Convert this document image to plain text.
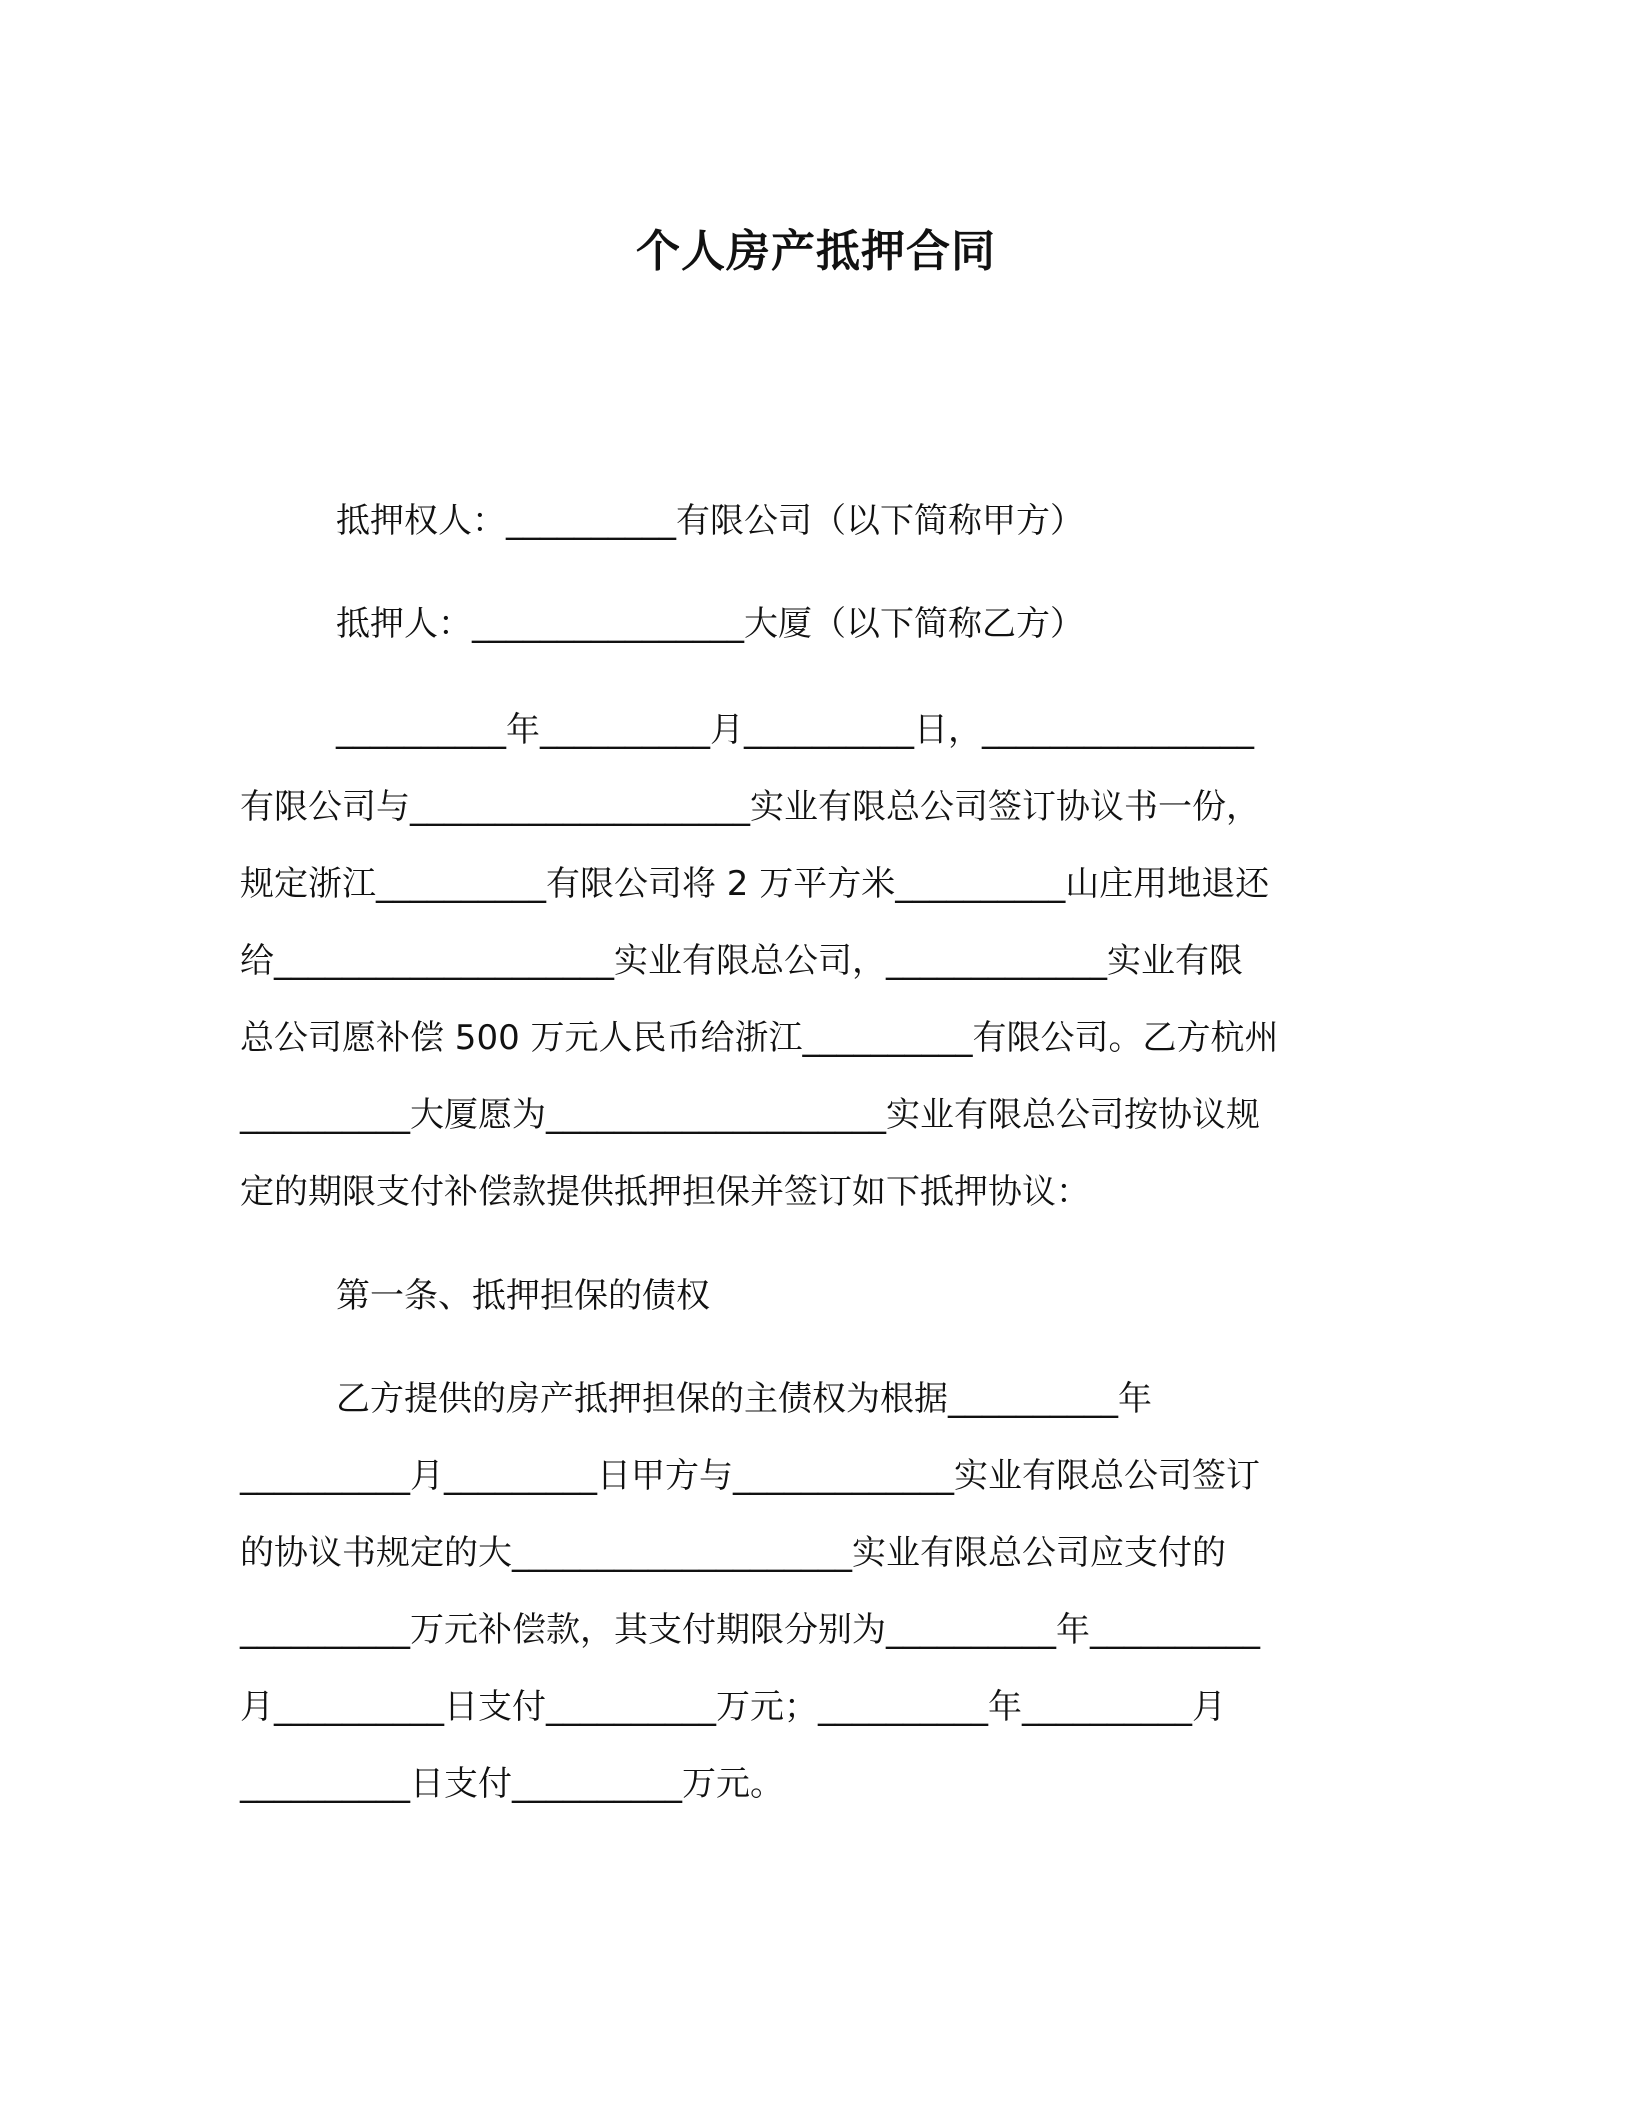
个人房产抵押合同
抵押权人：__________有限公司（以下简称甲方）
抵押人：________________大厦（以下简称乙方）
__________年__________月__________日，________________
有限公司与____________________实业有限总公司签订协议书一份，
规定浙江__________有限公司将 2 万平方米__________山庄用地退还
给____________________实业有限总公司，_____________实业有限
总公司愿补偿 500 万元人民币给浙江__________有限公司。乙方杭州
__________大厦愿为____________________实业有限总公司按协议规
定的期限支付补偿款提供抵押担保并签订如下抵押协议：
第一条、抵押担保的债权
乙方提供的房产抵押担保的主债权为根据__________年
__________月_________日甲方与_____________实业有限总公司签订
的协议书规定的大____________________实业有限总公司应支付的
__________万元补偿款，其支付期限分别为__________年__________
月__________日支付__________万元；__________年__________月
__________日支付__________万元。
